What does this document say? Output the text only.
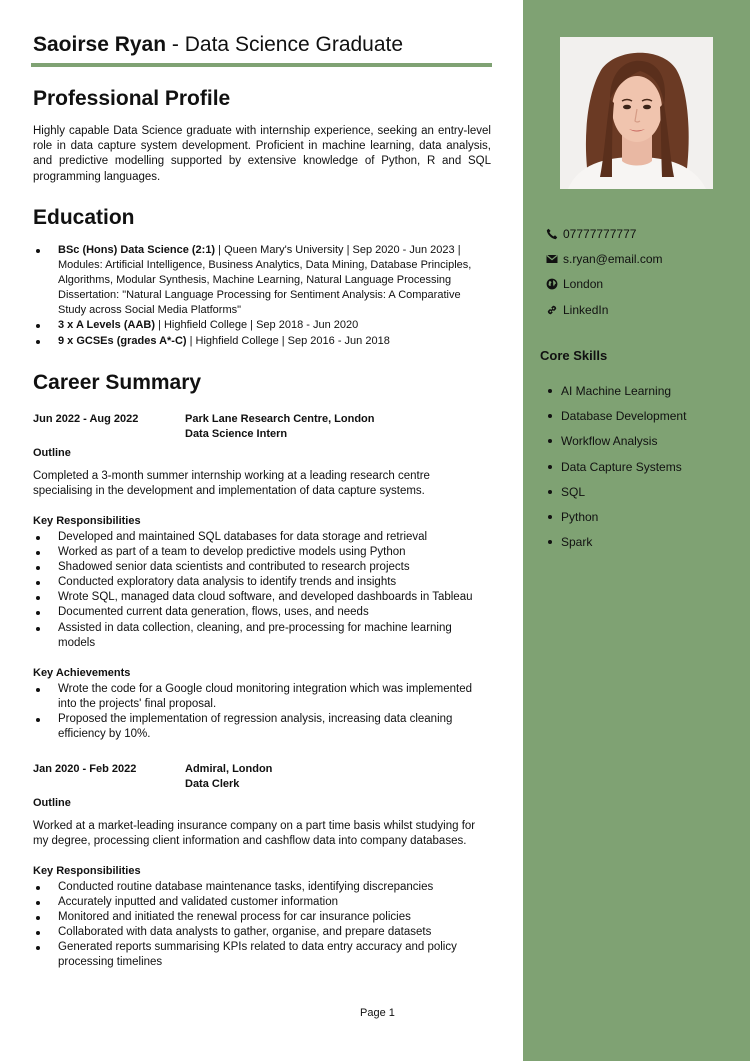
07777777777
s.ryan@email.com
London
LinkedIn
Core Skills
AI Machine Learning
Database Development
Workflow Analysis
Data Capture Systems
SQL
Python
Spark
Saoirse Ryan - Data Science Graduate
Professional Profile

Highly capable Data Science graduate with internship experience, seeking an entry-level role in data capture system development. Proficient in machine learning, data analysis, and predictive modelling supported by extensive knowledge of Python, R and SQL programming languages.

Education
BSc (Hons) Data Science (2:1) | Queen Mary's University | Sep 2020 - Jun 2023 | Modules: Artificial Intelligence, Business Analytics, Data Mining, Database Principles, Algorithms, Modular Synthesis, Machine Learning, Natural Language Processing Dissertation: "Natural Language Processing for Sentiment Analysis: A Comparative Study across Social Media Platforms"
3 x A Levels (AAB) | Highfield College | Sep 2018 - Jun 2020
9 x GCSEs (grades A*-C) | Highfield College | Sep 2016 - Jun 2018
Career Summary
Jun 2022 - Aug 2022	Park Lane Research Centre, London
Data Science Intern
Outline

Completed a 3-month summer internship working at a leading research centre specialising in the development and implementation of data capture systems.

Key Responsibilities
Developed and maintained SQL databases for data storage and retrieval
Worked as part of a team to develop predictive models using Python
Shadowed senior data scientists and contributed to research projects
Conducted exploratory data analysis to identify trends and insights
Wrote SQL, managed data cloud software, and developed dashboards in Tableau
Documented current data generation, flows, uses, and needs
Assisted in data collection, cleaning, and pre-processing for machine learning models
Key Achievements
Wrote the code for a Google cloud monitoring integration which was implemented into the projects' final proposal.
Proposed the implementation of regression analysis, increasing data cleaning efficiency by 10%.
Jan 2020 - Feb 2022	Admiral, London
Data Clerk
Outline

Worked at a market-leading insurance company on a part time basis whilst studying for my degree, processing client information and cashflow data into company databases.

Key Responsibilities
Conducted routine database maintenance tasks, identifying discrepancies
Accurately inputted and validated customer information
Monitored and initiated the renewal process for car insurance policies
Collaborated with data analysts to gather, organise, and prepare datasets
Generated reports summarising KPIs related to data entry accuracy and policy processing timelines
Page 1
